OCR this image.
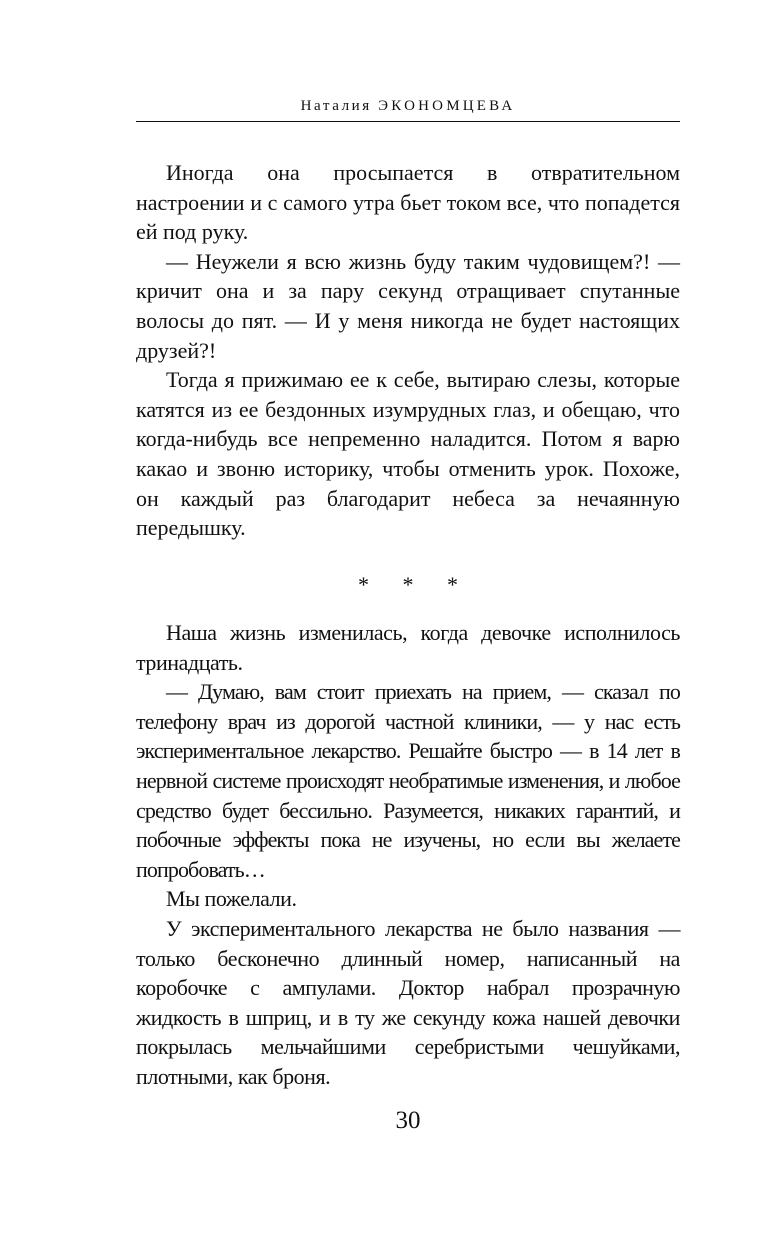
Наталия ЭКОНОМЦЕВА

Иногда она просыпается в отвратительном настроении и с самого утра бьет током все, что попадется ей под руку.

— Неужели я всю жизнь буду таким чудовищем?! — кричит она и за пару секунд отращивает спутанные волосы до пят. — И у меня никогда не будет настоящих друзей?!

Тогда я прижимаю ее к себе, вытираю слезы, которые катятся из ее бездонных изумрудных глаз, и обещаю, что когда-нибудь все непременно наладится. Потом я варю какао и звоню историку, чтобы отменить урок. Похоже, он каждый раз благодарит небеса за нечаянную передышку.

* * *

Наша жизнь изменилась, когда девочке исполнилось тринадцать.

— Думаю, вам стоит приехать на прием, — сказал по телефону врач из дорогой частной клиники, — у нас есть экспериментальное лекарство. Решайте быстро — в 14 лет в нервной системе происходят необратимые изменения, и любое средство будет бессильно. Разумеется, никаких гарантий, и побочные эффекты пока не изучены, но если вы желаете попробовать…

Мы пожелали.

У экспериментального лекарства не было названия — только бесконечно длинный номер, написанный на коробочке с ампулами. Доктор набрал прозрачную жидкость в шприц, и в ту же секунду кожа нашей девочки покрылась мельчайшими серебристыми чешуйками, плотными, как броня.

30
